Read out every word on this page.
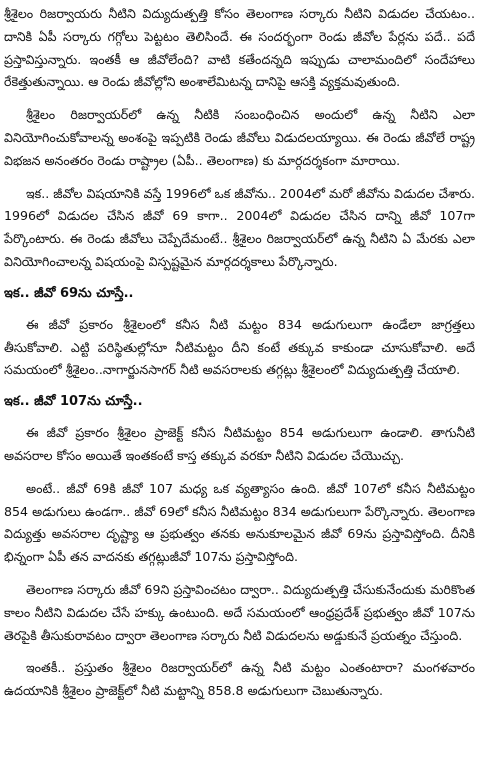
శ్రీశైలం రిజర్వాయరు నీటిని విద్యుదుత్పత్తి కోసం తెలంగాణ సర్కారు నీటిని విడుదల చేయటం.. దానికి ఏపీ సర్కారు గగ్గోలు పెట్టటం తెలిసిందే. ఈ సందర్భంగా రెండు జీవోల పేర్లను పదే.. పదే ప్రస్తావిస్తున్నారు. ఇంతకీ ఆ జీవోలేంది? వాటి కతేందన్నది ఇప్పుడు చాలామందిలో సందేహాలు రేకెత్తుతున్నాయి. ఆ రెండు జీవోల్లోని అంశాలేమిటన్న దానిపై ఆసక్తి వ్యక్తమవుతుంది.

శ్రీశైలం రిజర్వాయర్‌లో ఉన్న నీటికి సంబంధించిన అందులో ఉన్న నీటిని ఎలా వినియోగించుకోవాలన్న అంశంపై ఇప్పటికి రెండు జీవోలు విడుదలయ్యాయి. ఈ రెండు జీవోలే రాష్ట్ర విభజన అనంతరం రెండు రాష్ట్రాల (ఏపీ.. తెలంగాణ) కు మార్గదర్శకంగా మారాయి.

ఇక.. జీవోల విషయానికి వస్తే 1996లో ఒక జీవోను.. 2004లో మరో జీవోను విడుదల చేశారు. 1996లో విడుదల చేసిన జీవో 69 కాగా.. 2004లో విడుదల చేసిన దాన్ని జీవో 107గా పేర్కొంటారు. ఈ రెండు జీవోలు చెప్పేదేమంటే.. శ్రీశైలం రిజర్వాయర్‌లో ఉన్న నీటిని ఏ మేరకు ఎలా వినియోగించాలన్న విషయంపై విస్పష్టమైన మార్గదర్శకాలు పేర్కొన్నారు.

ఇక.. జీవో 69ను చూస్తే..

ఈ జీవో ప్రకారం శ్రీశైలంలో కనీస నీటి మట్టం 834 అడుగులుగా ఉండేలా జాగ్రత్తలు తీసుకోవాలి. ఎట్టి పరిస్థితుల్లోనూ నీటిమట్టం దీని కంటే తక్కువ కాకుండా చూసుకోవాలి. అదే సమయంలో శ్రీశైలం..నాగార్జునసాగర్ నీటి అవసరాలకు తగ్గట్లు శ్రీశైలంలో విద్యుదుత్పత్తి చేయాలి.

ఇక.. జీవో 107ను చూస్తే..

ఈ జీవో ప్రకారం శ్రీశైలం ప్రాజెక్ట్ కనీస నీటిమట్టం 854 అడుగులుగా ఉండాలి. తాగునీటి అవసరాల కోసం అయితే ఇంతకంటే కాస్త తక్కువ వరకూ నీటిని విడుదల చేయొచ్చు.

అంటే.. జీవో 69కి జీవో 107 మధ్య ఒక వ్యత్యాసం ఉంది. జీవో 107లో కనీస నీటిమట్టం 854 అడుగులు ఉండగా.. జీవో 69లో కనీస నీటిమట్టం 834 అడుగులుగా పేర్కొన్నారు. తెలంగాణ విద్యుత్తు అవసరాల దృష్ట్యా ఆ ప్రభుత్వం తనకు అనుకూలమైన జీవో 69ను ప్రస్తావిస్తోంది. దీనికి భిన్నంగా ఏపీ తన వాదనకు తగ్గట్లుజీవో 107ను ప్రస్తావిస్తోంది.

తెలంగాణ సర్కారు జీవో 69ని ప్రస్తావించటం ద్వారా.. విద్యుదుత్పత్తి చేసుకునేందుకు మరికొంత కాలం నీటిని విడుదల చేసే హక్కు ఉంటుంది. అదే సమయంలో ఆంధ్రప్రదేశ్ ప్రభుత్వం జీవో 107ను తెరపైకి తీసుకురావటం ద్వారా తెలంగాణ సర్కారు నీటి విడుదలను అడ్డుకునే ప్రయత్నం చేస్తుంది.

ఇంతకీ.. ప్రస్తుతం శ్రీశైలం రిజర్వాయర్‌లో ఉన్న నీటి మట్టం ఎంతంటారా? మంగళవారం ఉదయానికి శ్రీశైలం ప్రాజెక్ట్‌లో నీటి మట్టాన్ని 858.8 అడుగులుగా చెబుతున్నారు.
